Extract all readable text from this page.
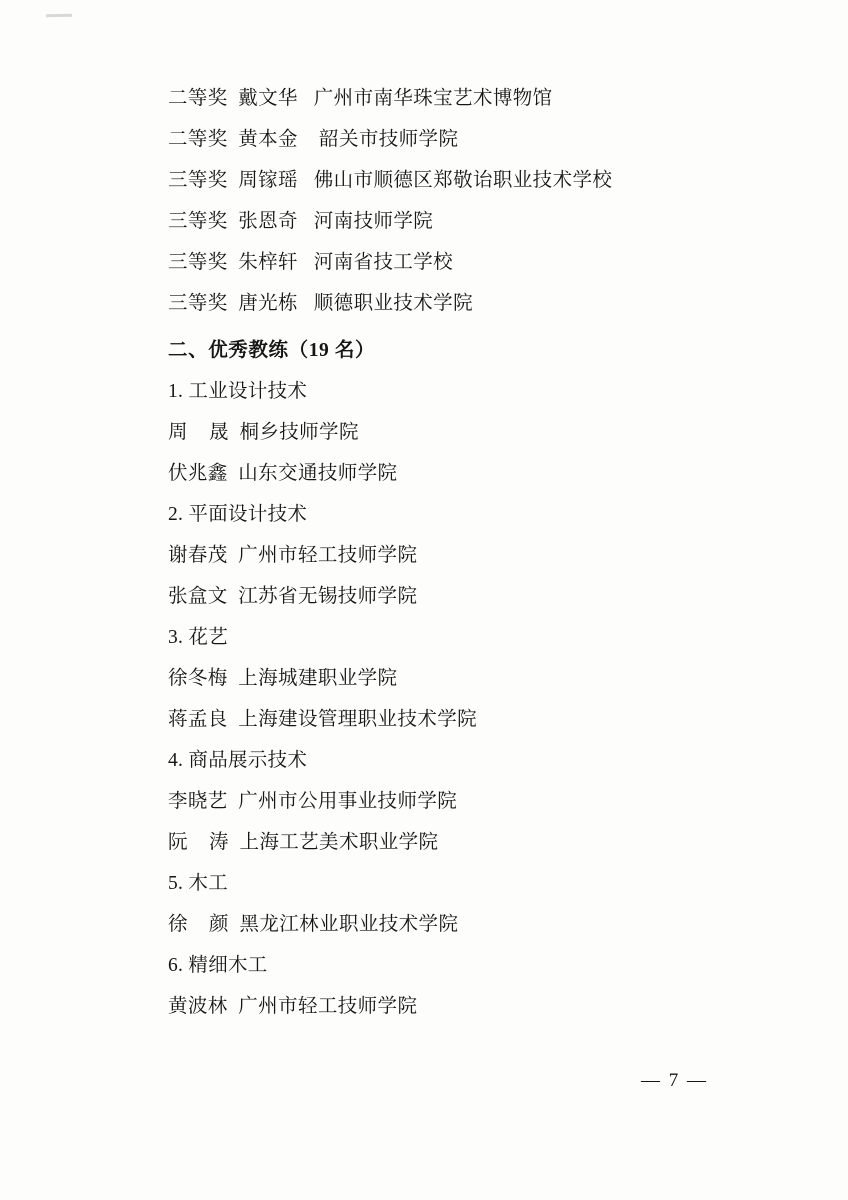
二等奖  戴文华   广州市南华珠宝艺术博物馆
二等奖  黄本金    韶关市技师学院
三等奖  周镓瑶   佛山市顺德区郑敬诒职业技术学校
三等奖  张恩奇   河南技师学院
三等奖  朱梓轩   河南省技工学校
三等奖  唐光栋   顺德职业技术学院
二、优秀教练（19 名）
1. 工业设计技术
周    晟  桐乡技师学院
伏兆鑫  山东交通技师学院
2. 平面设计技术
谢春茂  广州市轻工技师学院
张盒文  江苏省无锡技师学院
3. 花艺
徐冬梅  上海城建职业学院
蒋孟良  上海建设管理职业技术学院
4. 商品展示技术
李晓艺  广州市公用事业技师学院
阮    涛  上海工艺美术职业学院
5. 木工
徐    颜  黑龙江林业职业技术学院
6. 精细木工
黄波林  广州市轻工技师学院
— 7 —
